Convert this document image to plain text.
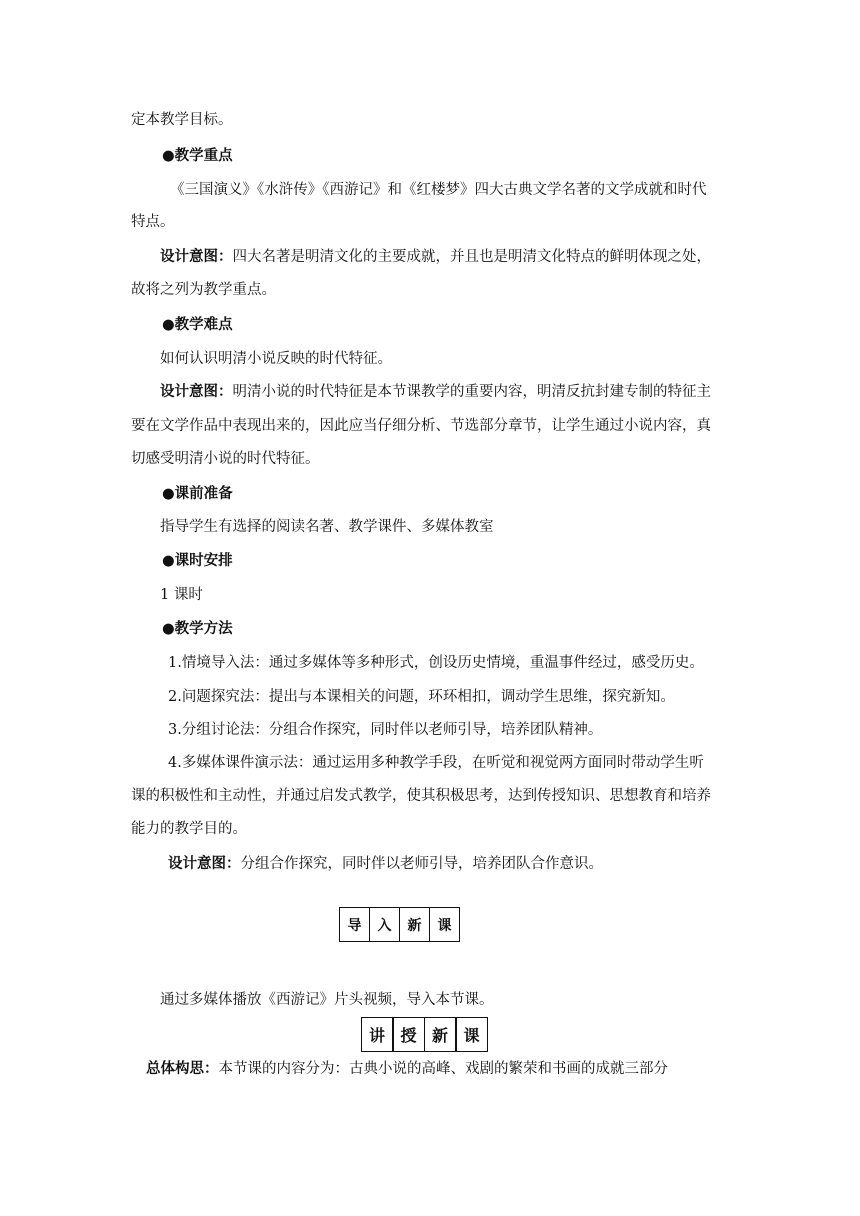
定本教学目标。
●教学重点
《三国演义》《水浒传》《西游记》和《红楼梦》四大古典文学名著的文学成就和时代
特点。
设计意图：四大名著是明清文化的主要成就，并且也是明清文化特点的鲜明体现之处，
故将之列为教学重点。
●教学难点
如何认识明清小说反映的时代特征。
设计意图：明清小说的时代特征是本节课教学的重要内容，明清反抗封建专制的特征主
要在文学作品中表现出来的，因此应当仔细分析、节选部分章节，让学生通过小说内容，真
切感受明清小说的时代特征。
●课前准备
指导学生有选择的阅读名著、教学课件、多媒体教室
●课时安排
1 课时
●教学方法
1.情境导入法：通过多媒体等多种形式，创设历史情境，重温事件经过，感受历史。
2.问题探究法：提出与本课相关的问题，环环相扣，调动学生思维，探究新知。
3.分组讨论法：分组合作探究，同时伴以老师引导，培养团队精神。
4.多媒体课件演示法：通过运用多种教学手段，在听觉和视觉两方面同时带动学生听
课的积极性和主动性，并通过启发式教学，使其积极思考，达到传授知识、思想教育和培养
能力的教学目的。
设计意图：分组合作探究，同时伴以老师引导，培养团队合作意识。
导	入	新	课
通过多媒体播放《西游记》片头视频，导入本节课。
讲 授 新 课
总体构思：本节课的内容分为：古典小说的高峰、戏剧的繁荣和书画的成就三部分
